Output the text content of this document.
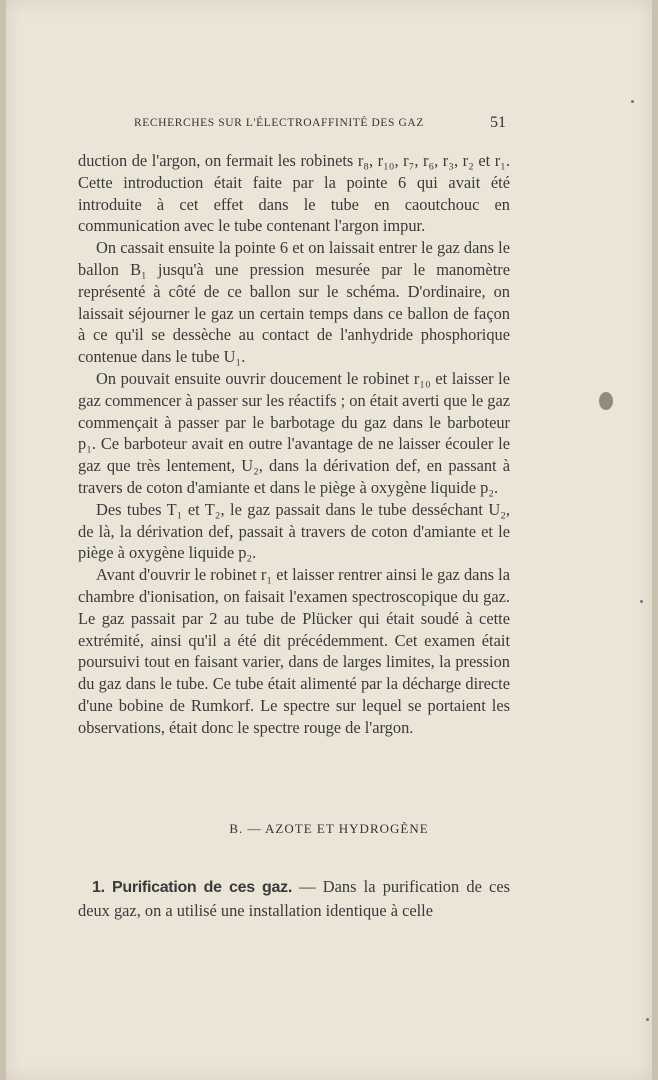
RECHERCHES SUR L'ÉLECTROAFFINITÉ DES GAZ	51

duction de l'argon, on fermait les robinets r₈, r₁₀, r₇, r₆, r₃, r₂ et r₁. Cette introduction était faite par la pointe 6 qui avait été introduite à cet effet dans le tube en caoutchouc en communication avec le tube contenant l'argon impur.

On cassait ensuite la pointe 6 et on laissait entrer le gaz dans le ballon B₁ jusqu'à une pression mesurée par le manomètre représenté à côté de ce ballon sur le schéma. D'ordinaire, on laissait séjourner le gaz un certain temps dans ce ballon de façon à ce qu'il se dessèche au contact de l'anhydride phosphorique contenue dans le tube U₁.

On pouvait ensuite ouvrir doucement le robinet r₁₀ et laisser le gaz commencer à passer sur les réactifs ; on était averti que le gaz commençait à passer par le barbotage du gaz dans le barboteur p₁. Ce barboteur avait en outre l'avantage de ne laisser écouler le gaz que très lentement, U₂, dans la dérivation def, en passant à travers de coton d'amiante et dans le piège à oxygène liquide p₂.

Des tubes T₁ et T₂, le gaz passait dans le tube desséchant U₂, de là, la dérivation def, passait à travers de coton d'amiante et le piège à oxygène liquide p₂.

Avant d'ouvrir le robinet r₁ et laisser rentrer ainsi le gaz dans la chambre d'ionisation, on faisait l'examen spectroscopique du gaz. Le gaz passait par 2 au tube de Plücker qui était soudé à cette extrémité, ainsi qu'il a été dit précédemment. Cet examen était poursuivi tout en faisant varier, dans de larges limites, la pression du gaz dans le tube. Ce tube était alimenté par la décharge directe d'une bobine de Rumkorf. Le spectre sur lequel se portaient les observations, était donc le spectre rouge de l'argon.

B. — AZOTE ET HYDROGÈNE
1. Purification de ces gaz. — Dans la purification de ces deux gaz, on a utilisé une installation identique à celle
